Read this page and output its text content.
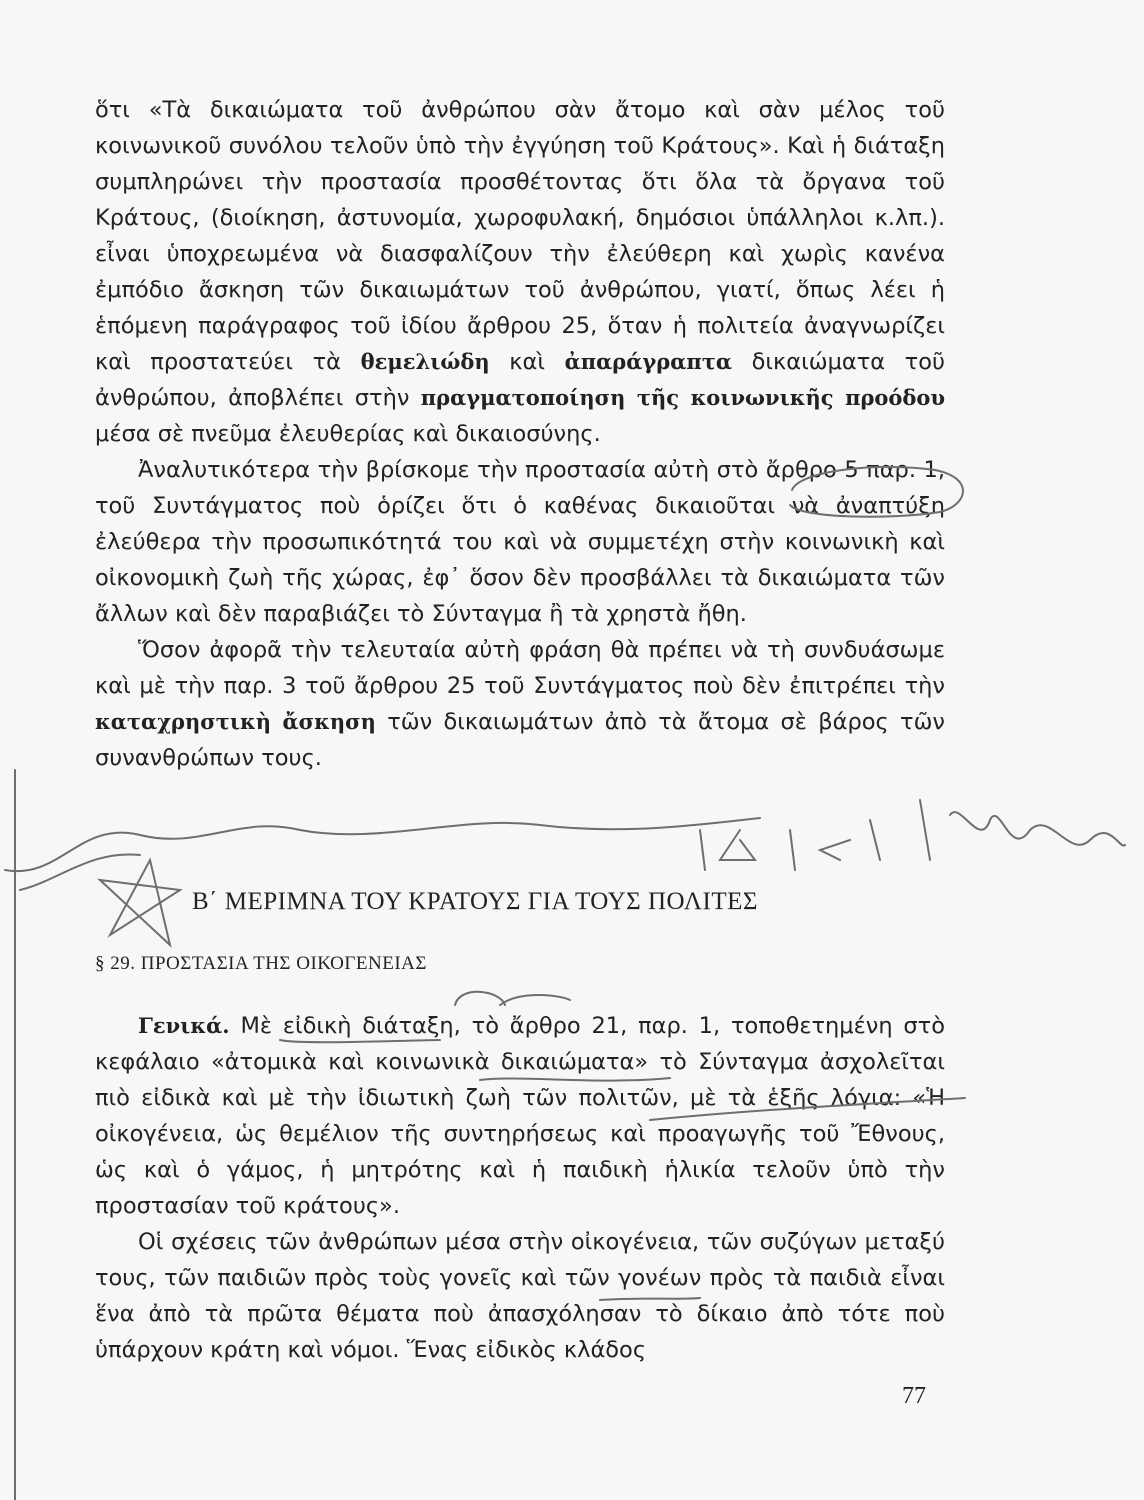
ὅτι «Τὰ δικαιώματα τοῦ ἀνθρώπου σὰν ἄτομο καὶ σὰν μέλος τοῦ κοινωνικοῦ συνόλου τελοῦν ὑπὸ τὴν ἐγγύηση τοῦ Κράτους». Καὶ ἡ διάταξη συμπληρώνει τὴν προστασία προσθέτοντας ὅτι ὅλα τὰ ὄργανα τοῦ Κράτους, (διοίκηση, ἀστυνομία, χωροφυλακή, δημόσιοι ὑπάλληλοι κ.λπ.). εἶναι ὑποχρεωμένα νὰ διασφαλίζουν τὴν ἐλεύθερη καὶ χωρὶς κανένα ἐμπόδιο ἄσκηση τῶν δικαιωμάτων τοῦ ἀνθρώπου, γιατί, ὅπως λέει ἡ ἑπόμενη παράγραφος τοῦ ἰδίου ἄρθρου 25, ὅταν ἡ πολιτεία ἀναγνωρίζει καὶ προστατεύει τὰ θεμελιώδη καὶ ἀπαράγραπτα δικαιώματα τοῦ ἀνθρώπου, ἀποβλέπει στὴν πραγματοποίηση τῆς κοινωνικῆς προόδου μέσα σὲ πνεῦμα ἐλευθερίας καὶ δικαιοσύνης.

Ἀναλυτικότερα τὴν βρίσκομε τὴν προστασία αὐτὴ στὸ ἄρθρο 5 παρ. 1, τοῦ Συντάγματος ποὺ ὁρίζει ὅτι ὁ καθένας δικαιοῦται νὰ ἀναπτύξη ἐλεύθερα τὴν προσωπικότητά του καὶ νὰ συμμετέχη στὴν κοινωνικὴ καὶ οἰκονομικὴ ζωὴ τῆς χώρας, ἐφ᾽ ὅσον δὲν προσβάλλει τὰ δικαιώματα τῶν ἄλλων καὶ δὲν παραβιάζει τὸ Σύνταγμα ἢ τὰ χρηστὰ ἤθη.

Ὅσον ἀφορᾶ τὴν τελευταία αὐτὴ φράση θὰ πρέπει νὰ τὴ συνδυάσωμε καὶ μὲ τὴν παρ. 3 τοῦ ἄρθρου 25 τοῦ Συντάγματος ποὺ δὲν ἐπιτρέπει τὴν καταχρηστικὴ ἄσκηση τῶν δικαιωμάτων ἀπὸ τὰ ἄτομα σὲ βάρος τῶν συνανθρώπων τους.

Β΄ ΜΕΡΙΜΝΑ ΤΟΥ ΚΡΑΤΟΥΣ ΓΙΑ ΤΟΥΣ ΠΟΛΙΤΕΣ
§ 29. ΠΡΟΣΤΑΣΙΑ ΤΗΣ ΟΙΚΟΓΕΝΕΙΑΣ

Γενικά. Μὲ εἰδικὴ διάταξη, τὸ ἄρθρο 21, παρ. 1, τοποθετημένη στὸ κεφάλαιο «ἀτομικὰ καὶ κοινωνικὰ δικαιώματα» τὸ Σύνταγμα ἀσχολεῖται πιὸ εἰδικὰ καὶ μὲ τὴν ἰδιωτικὴ ζωὴ τῶν πολιτῶν, μὲ τὰ ἑξῆς λόγια: «Ἡ οἰκογένεια, ὡς θεμέλιον τῆς συντηρήσεως καὶ προαγωγῆς τοῦ Ἔθνους, ὡς καὶ ὁ γάμος, ἡ μητρότης καὶ ἡ παιδικὴ ἡλικία τελοῦν ὑπὸ τὴν προστασίαν τοῦ κράτους».

Οἱ σχέσεις τῶν ἀνθρώπων μέσα στὴν οἰκογένεια, τῶν συζύγων μεταξύ τους, τῶν παιδιῶν πρὸς τοὺς γονεῖς καὶ τῶν γονέων πρὸς τὰ παιδιὰ εἶναι ἕνα ἀπὸ τὰ πρῶτα θέματα ποὺ ἀπασχόλησαν τὸ δίκαιο ἀπὸ τότε ποὺ ὑπάρχουν κράτη καὶ νόμοι. Ἕνας εἰδικὸς κλάδος

77
